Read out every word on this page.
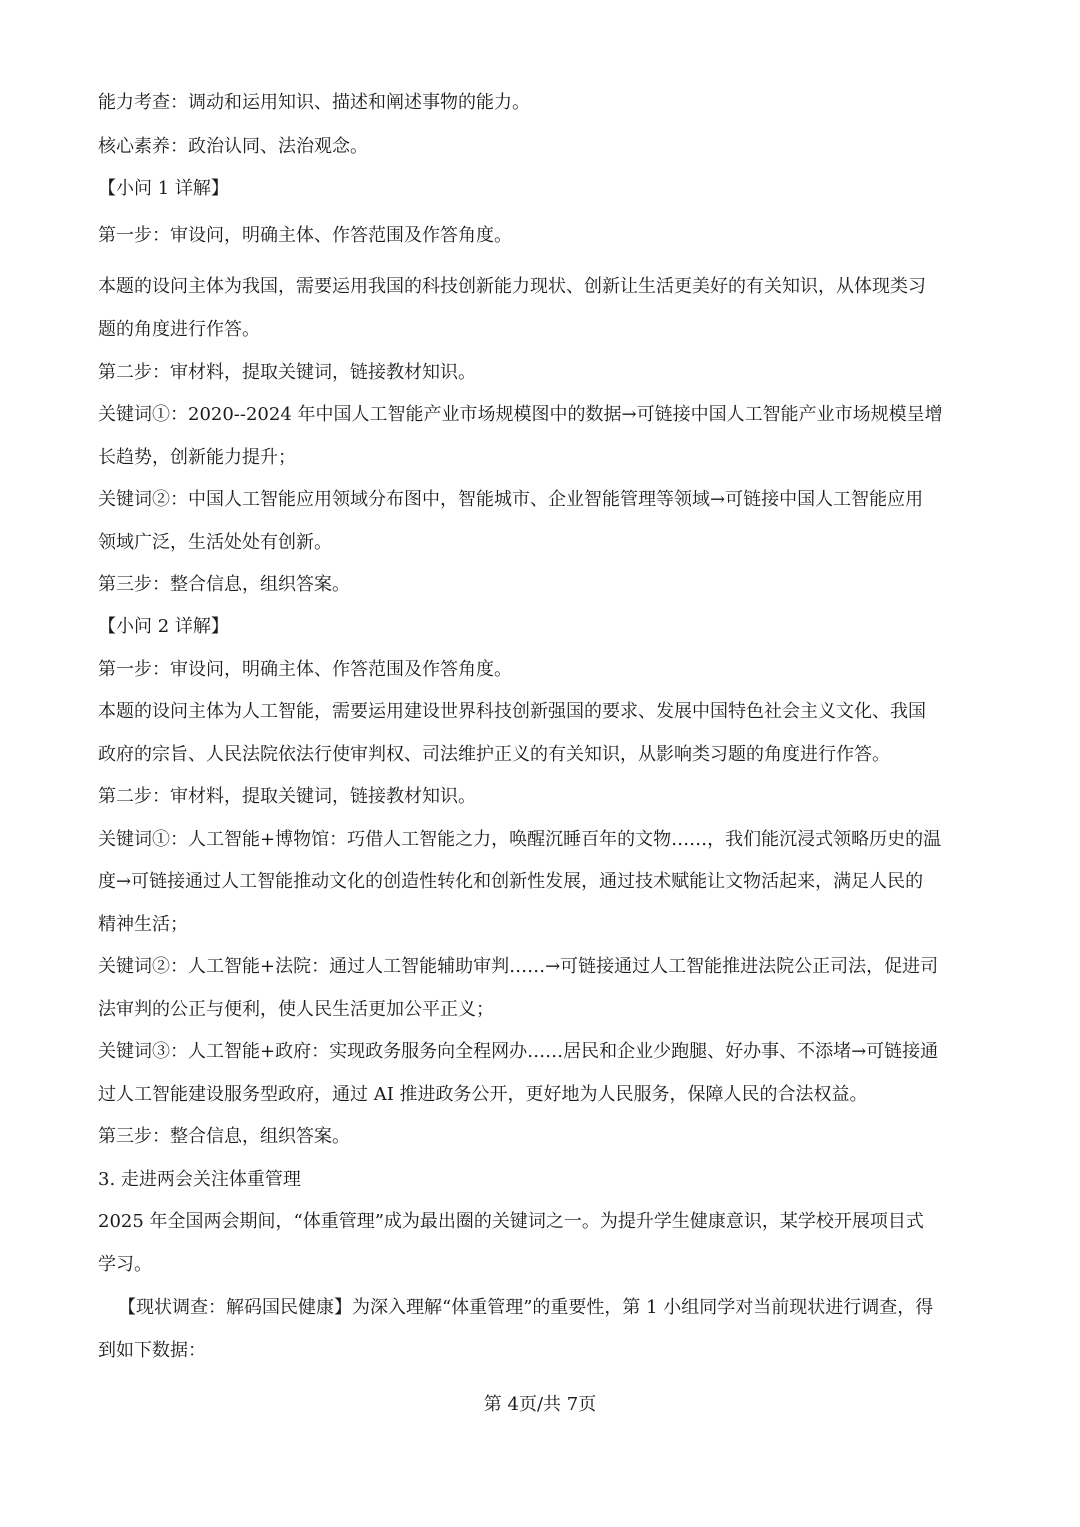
能力考查：调动和运用知识、描述和阐述事物的能力。
核心素养：政治认同、法治观念。
【小问 1 详解】
第一步：审设问，明确主体、作答范围及作答角度。
本题的设问主体为我国，需要运用我国的科技创新能力现状、创新让生活更美好的有关知识，从体现类习
题的角度进行作答。
第二步：审材料，提取关键词，链接教材知识。
关键词①：2020--2024 年中国人工智能产业市场规模图中的数据→可链接中国人工智能产业市场规模呈增
长趋势，创新能力提升；
关键词②：中国人工智能应用领域分布图中，智能城市、企业智能管理等领域→可链接中国人工智能应用
领域广泛，生活处处有创新。
第三步：整合信息，组织答案。
【小问 2 详解】
第一步：审设问，明确主体、作答范围及作答角度。
本题的设问主体为人工智能，需要运用建设世界科技创新强国的要求、发展中国特色社会主义文化、我国
政府的宗旨、人民法院依法行使审判权、司法维护正义的有关知识，从影响类习题的角度进行作答。
第二步：审材料，提取关键词，链接教材知识。
关键词①：人工智能+博物馆：巧借人工智能之力，唤醒沉睡百年的文物……，我们能沉浸式领略历史的温
度→可链接通过人工智能推动文化的创造性转化和创新性发展，通过技术赋能让文物活起来，满足人民的
精神生活；
关键词②：人工智能+法院：通过人工智能辅助审判……→可链接通过人工智能推进法院公正司法，促进司
法审判的公正与便利，使人民生活更加公平正义；
关键词③：人工智能+政府：实现政务服务向全程网办……居民和企业少跑腿、好办事、不添堵→可链接通
过人工智能建设服务型政府，通过 AI 推进政务公开，更好地为人民服务，保障人民的合法权益。
第三步：整合信息，组织答案。
3. 走进两会关注体重管理
2025 年全国两会期间，“体重管理”成为最出圈的关键词之一。为提升学生健康意识，某学校开展项目式
学习。
【现状调查：解码国民健康】为深入理解“体重管理”的重要性，第 1 小组同学对当前现状进行调查，得
到如下数据：
第 4页/共 7页
